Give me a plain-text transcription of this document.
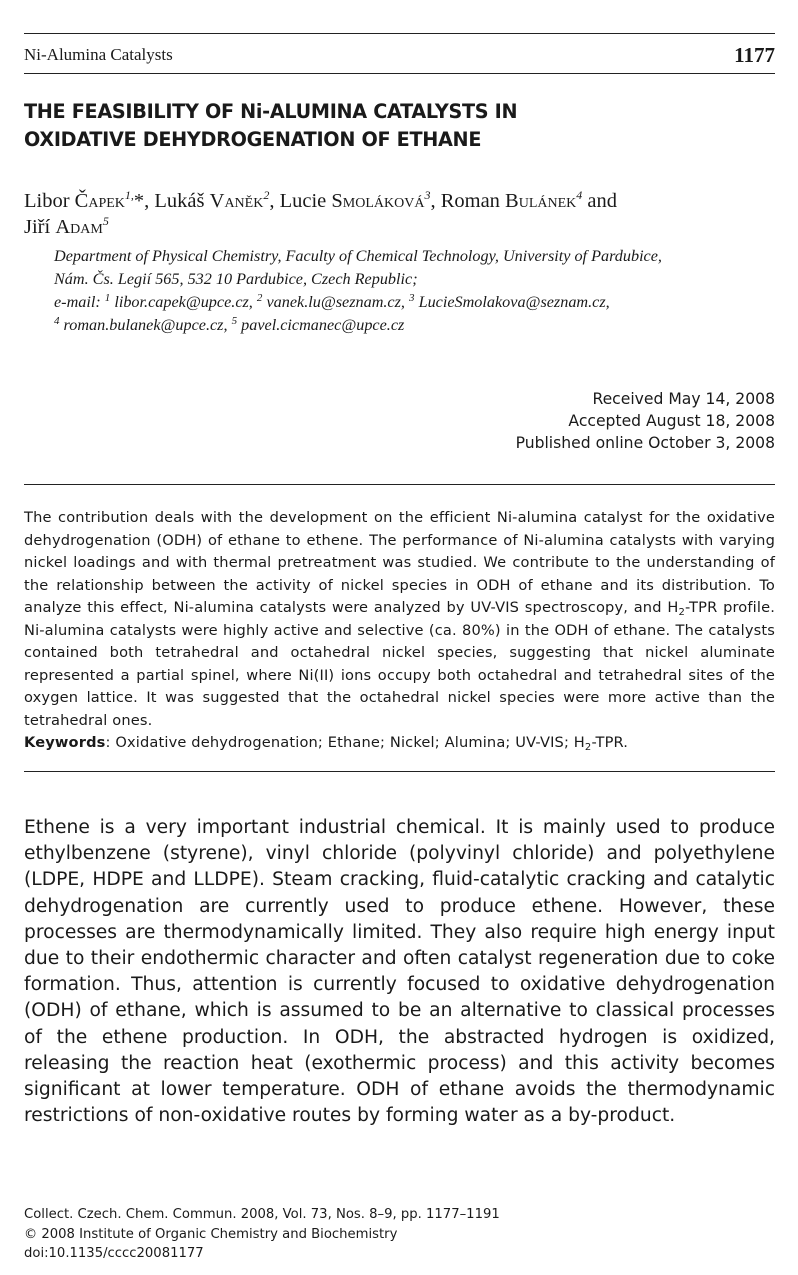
Ni-Alumina Catalysts	1177
THE FEASIBILITY OF Ni-ALUMINA CATALYSTS IN
OXIDATIVE DEHYDROGENATION OF ETHANE
Libor Čapek$^{1,}$*, Lukáš Vaněk$^2$, Lucie Smoláková$^3$, Roman Bulánek$^4$ and
Jiří Adam$^5$
Department of Physical Chemistry, Faculty of Chemical Technology, University of Pardubice,
Nám. Čs. Legií 565, 532 10 Pardubice, Czech Republic;
e-mail: $^1$ libor.capek@upce.cz, $^2$ vanek.lu@seznam.cz, $^3$ LucieSmolakova@seznam.cz,
$^4$ roman.bulanek@upce.cz, $^5$ pavel.cicmanec@upce.cz
Received May 14, 2008
Accepted August 18, 2008
Published online October 3, 2008
The contribution deals with the development on the efficient Ni-alumina catalyst for the oxidative dehydrogenation (ODH) of ethane to ethene. The performance of Ni-alumina catalysts with varying nickel loadings and with thermal pretreatment was studied. We contribute to the understanding of the relationship between the activity of nickel species in ODH of ethane and its distribution. To analyze this effect, Ni-alumina catalysts were analyzed by UV-VIS spectroscopy, and $H_2$-TPR profile. Ni-alumina catalysts were highly active and selective (ca. 80%) in the ODH of ethane. The catalysts contained both tetrahedral and octahedral nickel species, suggesting that nickel aluminate represented a partial spinel, where Ni(II) ions occupy both octahedral and tetrahedral sites of the oxygen lattice. It was suggested that the octahedral nickel species were more active than the tetrahedral ones.
Keywords: Oxidative dehydrogenation; Ethane; Nickel; Alumina; UV-VIS; $H_2$-TPR.
Ethene is a very important industrial chemical. It is mainly used to produce ethylbenzene (styrene), vinyl chloride (polyvinyl chloride) and polyethylene (LDPE, HDPE and LLDPE). Steam cracking, fluid-catalytic cracking and catalytic dehydrogenation are currently used to produce ethene. However, these processes are thermodynamically limited. They also require high energy input due to their endothermic character and often catalyst regeneration due to coke formation. Thus, attention is currently focused to oxidative dehydrogenation (ODH) of ethane, which is assumed to be an alternative to classical processes of the ethene production. In ODH, the abstracted hydrogen is oxidized, releasing the reaction heat (exothermic process) and this activity becomes significant at lower temperature. ODH of ethane avoids the thermodynamic restrictions of non-oxidative routes by forming water as a by-product.
Collect. Czech. Chem. Commun. 2008, Vol. 73, Nos. 8–9, pp. 1177–1191
© 2008 Institute of Organic Chemistry and Biochemistry
doi:10.1135/cccc20081177
